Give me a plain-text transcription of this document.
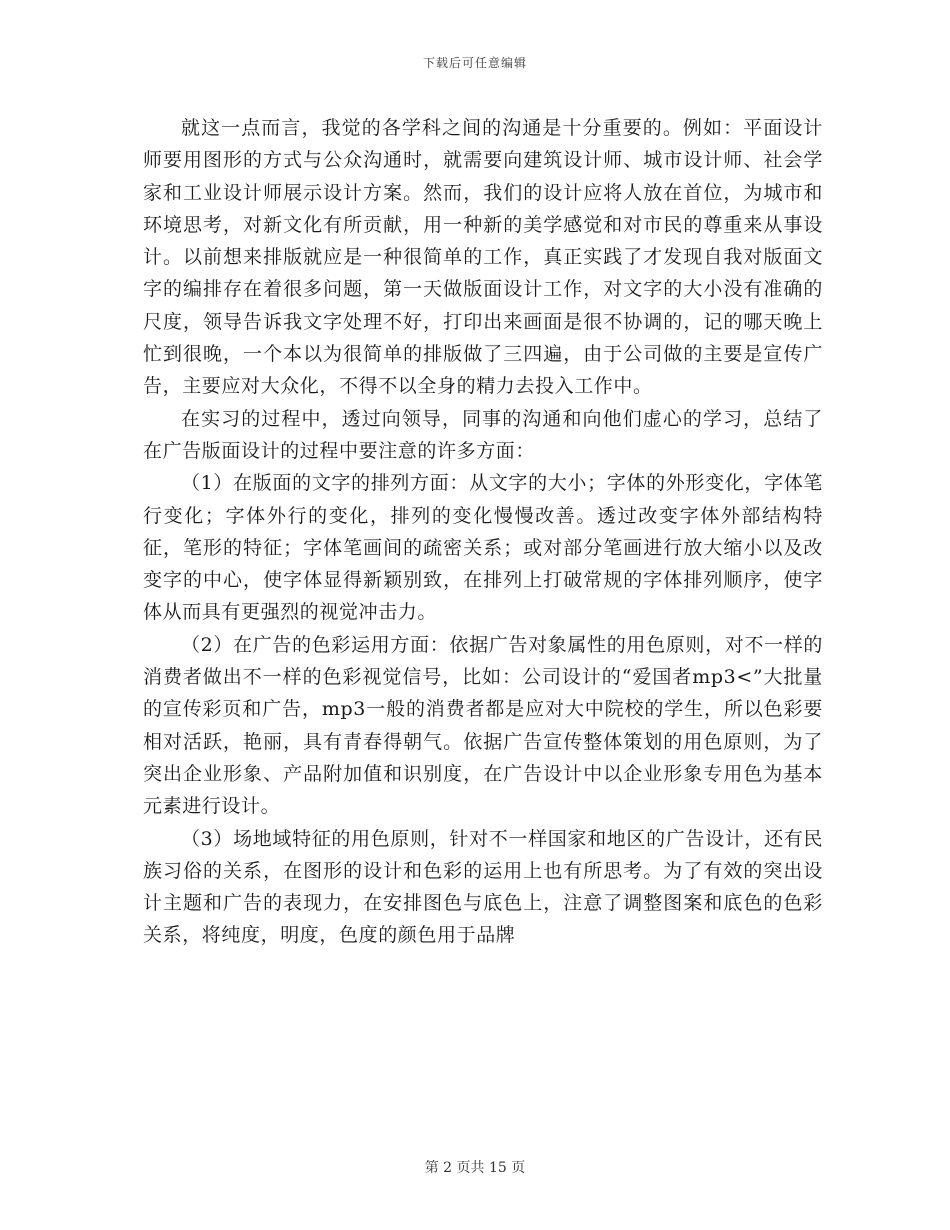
下载后可任意编辑

就这一点而言，我觉的各学科之间的沟通是十分重要的。例如：平面设计师要用图形的方式与公众沟通时，就需要向建筑设计师、城市设计师、社会学家和工业设计师展示设计方案。然而，我们的设计应将人放在首位，为城市和环境思考，对新文化有所贡献，用一种新的美学感觉和对市民的尊重来从事设计。以前想来排版就应是一种很简单的工作，真正实践了才发现自我对版面文字的编排存在着很多问题，第一天做版面设计工作，对文字的大小没有准确的尺度，领导告诉我文字处理不好，打印出来画面是很不协调的，记的哪天晚上忙到很晚，一个本以为很简单的排版做了三四遍，由于公司做的主要是宣传广告，主要应对大众化，不得不以全身的精力去投入工作中。

在实习的过程中，透过向领导，同事的沟通和向他们虚心的学习，总结了在广告版面设计的过程中要注意的许多方面：

（1）在版面的文字的排列方面：从文字的大小；字体的外形变化，字体笔行变化；字体外行的变化，排列的变化慢慢改善。透过改变字体外部结构特征，笔形的特征；字体笔画间的疏密关系；或对部分笔画进行放大缩小以及改变字的中心，使字体显得新颖别致，在排列上打破常规的字体排列顺序，使字体从而具有更强烈的视觉冲击力。

（2）在广告的色彩运用方面：依据广告对象属性的用色原则，对不一样的消费者做出不一样的色彩视觉信号，比如：公司设计的“爱国者mp3<”大批量的宣传彩页和广告，mp3一般的消费者都是应对大中院校的学生，所以色彩要相对活跃，艳丽，具有青春得朝气。依据广告宣传整体策划的用色原则，为了突出企业形象、产品附加值和识别度，在广告设计中以企业形象专用色为基本元素进行设计。

（3）场地域特征的用色原则，针对不一样国家和地区的广告设计，还有民族习俗的关系，在图形的设计和色彩的运用上也有所思考。为了有效的突出设计主题和广告的表现力，在安排图色与底色上，注意了调整图案和底色的色彩关系，将纯度，明度，色度的颜色用于品牌

第 2 页共 15 页
